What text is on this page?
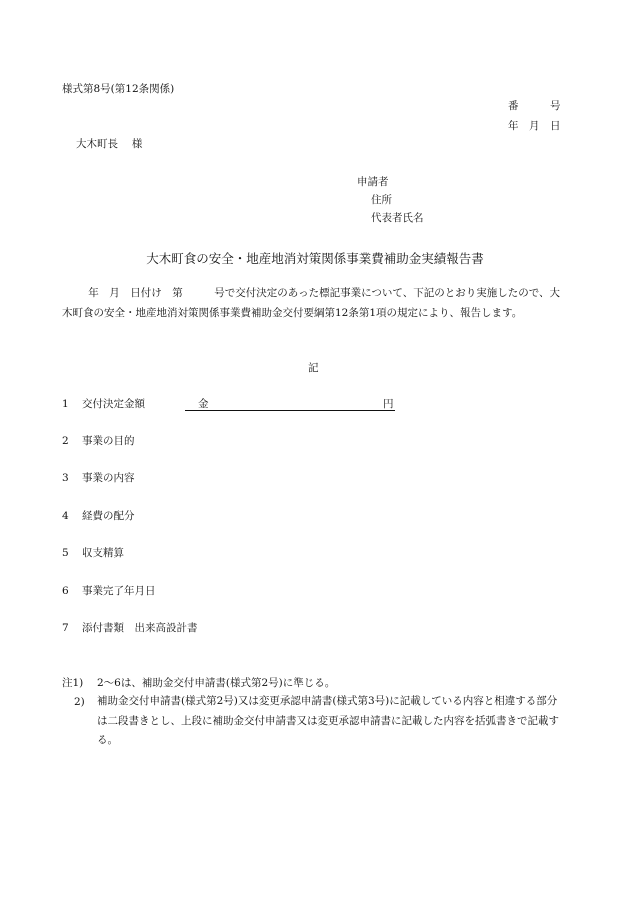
様式第8号(第12条関係)
番　　　号
年　月　日
大木町長　 様
申請者
住所
代表者氏名
大木町食の安全・地産地消対策関係事業費補助金実績報告書
年　月　日付け　第　　　号で交付決定のあった標記事業について、下記のとおり実施したので、大木町食の安全・地産地消対策関係事業費補助金交付要綱第12条第1項の規定により、報告します。
記
1 交付決定金額	金	円
2 事業の目的
3 事業の内容
4 経費の配分
5 収支精算
6 事業完了年月日
7 添付書類　出来高設計書
注1) 2～6は、補助金交付申請書(様式第2号)に準じる。
2) 補助金交付申請書(様式第2号)又は変更承認申請書(様式第3号)に記載している内容と相違する部分は二段書きとし、上段に補助金交付申請書又は変更承認申請書に記載した内容を括弧書きで記載する。
